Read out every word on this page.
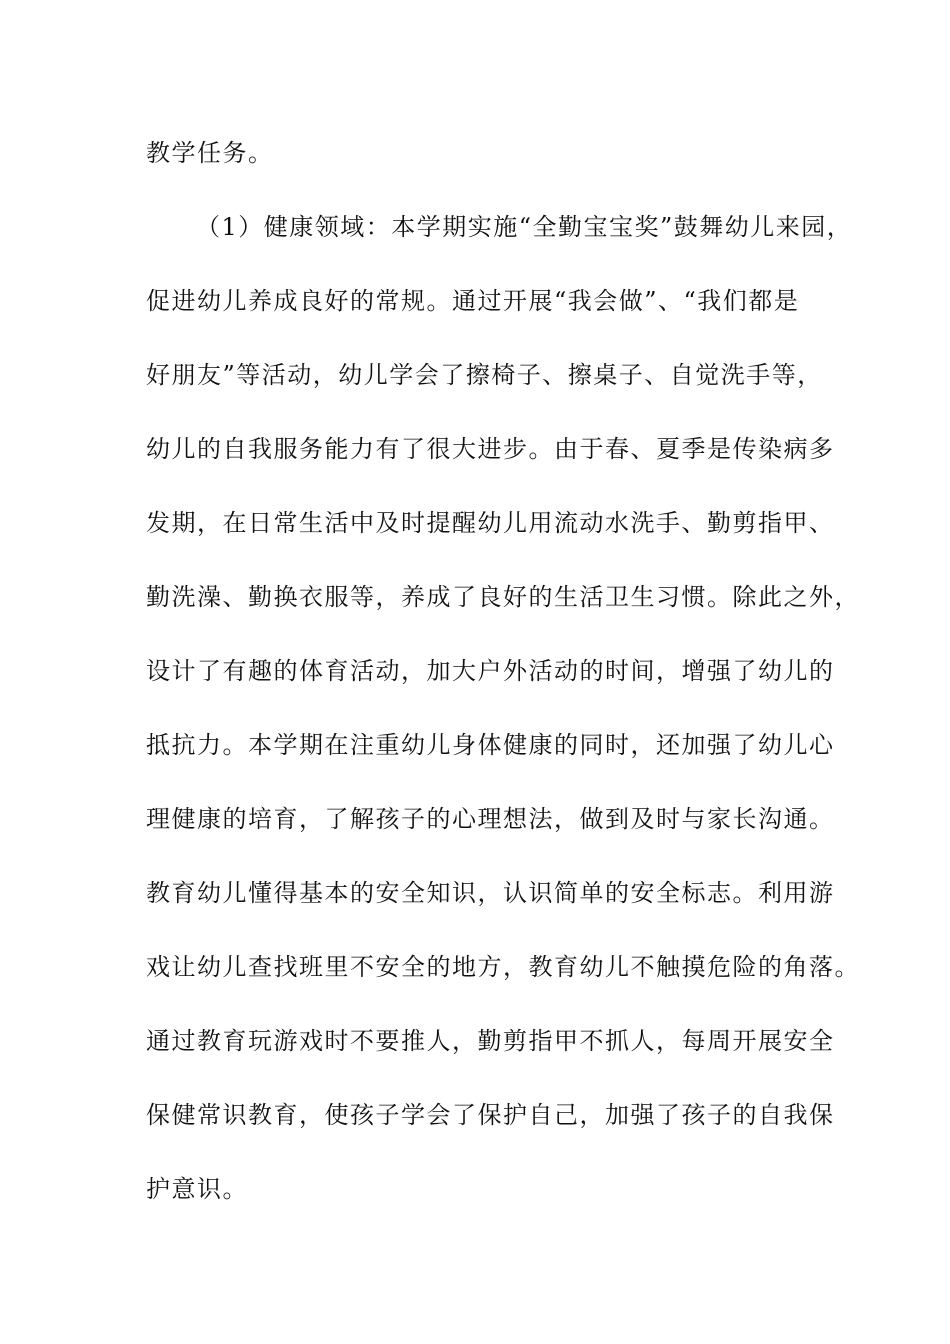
教学任务。
（1）健康领域：本学期实施“全勤宝宝奖”鼓舞幼儿来园，
促进幼儿养成良好的常规。通过开展“我会做”、“我们都是
好朋友”等活动，幼儿学会了擦椅子、擦桌子、自觉洗手等，
幼儿的自我服务能力有了很大进步。由于春、夏季是传染病多
发期，在日常生活中及时提醒幼儿用流动水洗手、勤剪指甲、
勤洗澡、勤换衣服等，养成了良好的生活卫生习惯。除此之外，
设计了有趣的体育活动，加大户外活动的时间，增强了幼儿的
抵抗力。本学期在注重幼儿身体健康的同时，还加强了幼儿心
理健康的培育，了解孩子的心理想法，做到及时与家长沟通。
教育幼儿懂得基本的安全知识，认识简单的安全标志。利用游
戏让幼儿查找班里不安全的地方，教育幼儿不触摸危险的角落。
通过教育玩游戏时不要推人，勤剪指甲不抓人，每周开展安全
保健常识教育，使孩子学会了保护自己，加强了孩子的自我保
护意识。
